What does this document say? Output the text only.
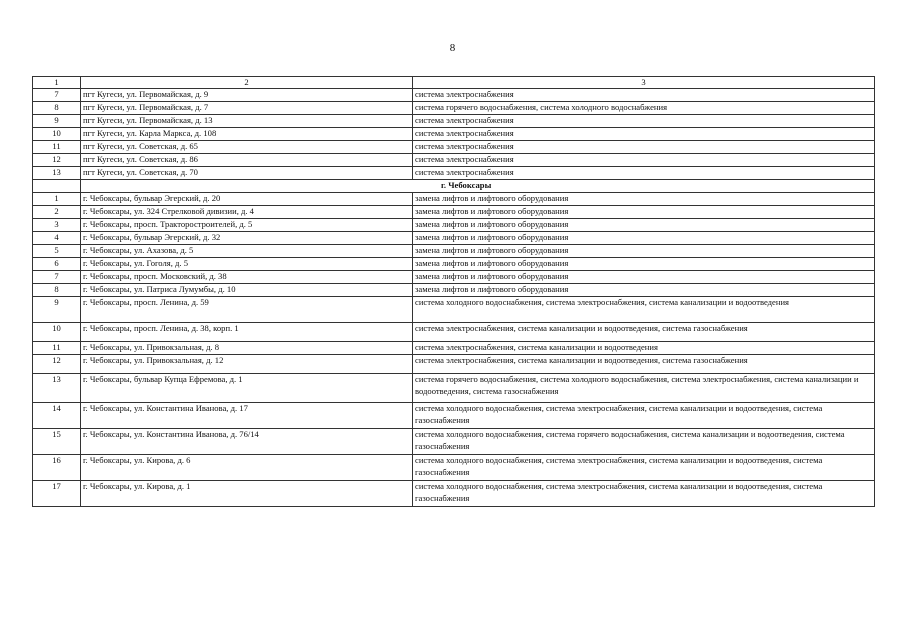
8
1	2	3
7	пгт Кугеси, ул. Первомайская, д. 9	система электроснабжения
8	пгт Кугеси, ул. Первомайская, д. 7	система горячего водоснабжения, система холодного водоснабжения
9	пгт Кугеси, ул. Первомайская, д. 13	система электроснабжения
10	пгт Кугеси, ул. Карла Маркса, д. 108	система электроснабжения
11	пгт Кугеси, ул. Советская, д. 65	система электроснабжения
12	пгт Кугеси, ул. Советская, д. 86	система электроснабжения
13	пгт Кугеси, ул. Советская, д. 70	система электроснабжения
	г. Чебоксары	
1	г. Чебоксары, бульвар Эгерский, д. 20	замена лифтов и лифтового оборудования
2	г. Чебоксары, ул. 324 Стрелковой дивизии, д. 4	замена лифтов и лифтового оборудования
3	г. Чебоксары, просп. Тракторостроителей, д. 5	замена лифтов и лифтового оборудования
4	г. Чебоксары, бульвар Эгерский, д. 32	замена лифтов и лифтового оборудования
5	г. Чебоксары, ул. Ахазова, д. 5	замена лифтов и лифтового оборудования
6	г. Чебоксары, ул. Гоголя, д. 5	замена лифтов и лифтового оборудования
7	г. Чебоксары, просп. Московский, д. 38	замена лифтов и лифтового оборудования
8	г. Чебоксары, ул. Патриса Лумумбы, д. 10	замена лифтов и лифтового оборудования
9	г. Чебоксары, просп. Ленина, д. 59	система холодного водоснабжения, система электроснабжения, система канализации и водоотведения
10	г. Чебоксары, просп. Ленина, д. 38, корп. 1	система электроснабжения, система канализации и водоотведения, система газоснабжения
11	г. Чебоксары, ул. Привокзальная, д. 8	система электроснабжения, система канализации и водоотведения
12	г. Чебоксары, ул. Привокзальная, д. 12	система электроснабжения, система канализации и водоотведения, система газоснабжения
13	г. Чебоксары, бульвар Купца Ефремова, д. 1	система горячего водоснабжения, система холодного водоснабжения, система электроснабжения, система канализации и водоотведения, система газоснабжения
14	г. Чебоксары, ул. Константина Иванова, д. 17	система холодного водоснабжения, система электроснабжения, система канализации и водоотведения, система газоснабжения
15	г. Чебоксары, ул. Константина Иванова, д. 76/14	система холодного водоснабжения, система горячего водоснабжения, система канализации и водоотведения, система газоснабжения
16	г. Чебоксары, ул. Кирова, д. 6	система холодного водоснабжения, система электроснабжения, система канализации и водоотведения, система газоснабжения
17	г. Чебоксары, ул. Кирова, д. 1	система холодного водоснабжения, система электроснабжения, система канализации и водоотведения, система газоснабжения
